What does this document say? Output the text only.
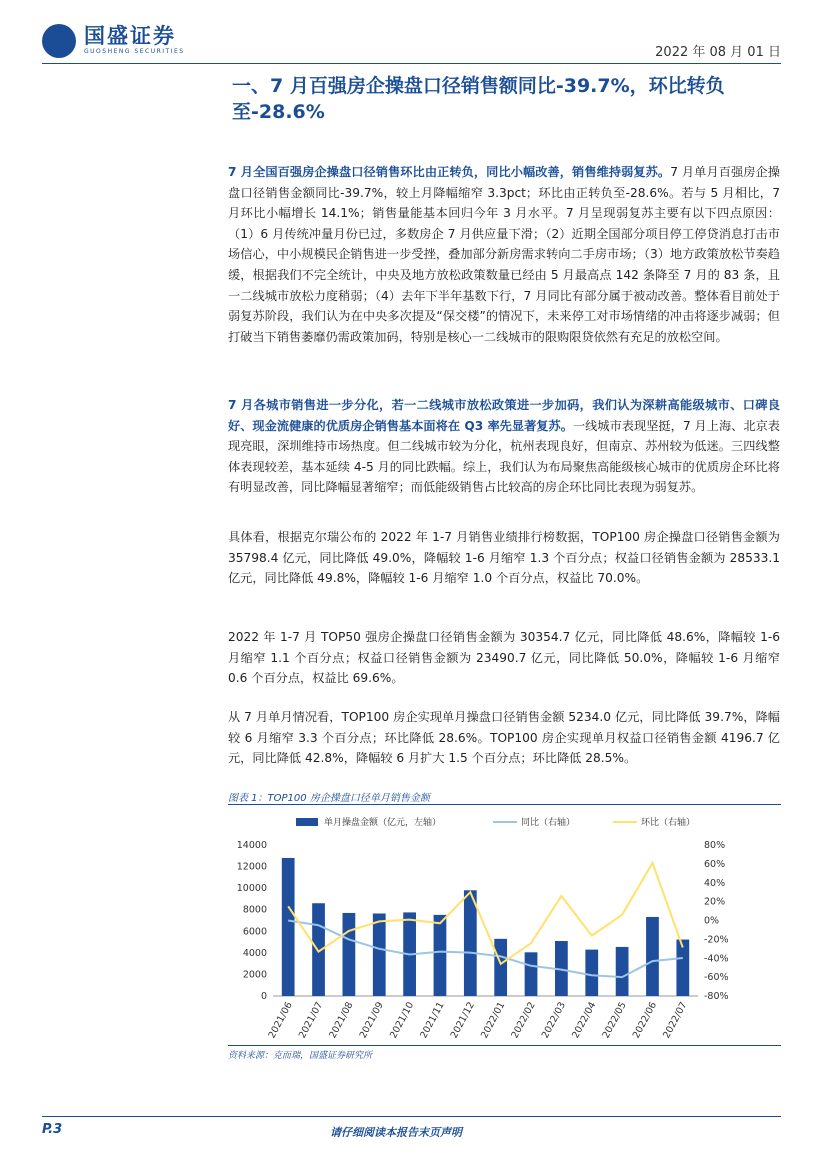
国盛证券
GUOSHENG SECURITIES	2022 年 08 月 01 日
一、7 月百强房企操盘口径销售额同比-39.7%，环比转负至-28.6%
7 月全国百强房企操盘口径销售环比由正转负，同比小幅改善，销售维持弱复苏。7 月单月百强房企操盘口径销售金额同比-39.7%，较上月降幅缩窄 3.3pct；环比由正转负至-28.6%。若与 5 月相比，7 月环比小幅增长 14.1%；销售量能基本回归今年 3 月水平。7 月呈现弱复苏主要有以下四点原因：（1）6 月传统冲量月份已过，多数房企 7 月供应量下滑；（2）近期全国部分项目停工停贷消息打击市场信心，中小规模民企销售进一步受挫，叠加部分新房需求转向二手房市场；（3）地方政策放松节奏趋缓，根据我们不完全统计，中央及地方放松政策数量已经由 5 月最高点 142 条降至 7 月的 83 条，且一二线城市放松力度稍弱；（4）去年下半年基数下行，7 月同比有部分属于被动改善。整体看目前处于弱复苏阶段，我们认为在中央多次提及“保交楼”的情况下，未来停工对市场情绪的冲击将逐步减弱；但打破当下销售萎靡仍需政策加码，特别是核心一二线城市的限购限贷依然有充足的放松空间。
7 月各城市销售进一步分化，若一二线城市放松政策进一步加码，我们认为深耕高能级城市、口碑良好、现金流健康的优质房企销售基本面将在 Q3 率先显著复苏。一线城市表现坚挺，7 月上海、北京表现亮眼，深圳维持市场热度。但二线城市较为分化，杭州表现良好，但南京、苏州较为低迷。三四线整体表现较差，基本延续 4-5 月的同比跌幅。综上，我们认为布局聚焦高能级核心城市的优质房企环比将有明显改善，同比降幅显著缩窄；而低能级销售占比较高的房企环比同比表现为弱复苏。
具体看，根据克尔瑞公布的 2022 年 1-7 月销售业绩排行榜数据，TOP100 房企操盘口径销售金额为 35798.4 亿元，同比降低 49.0%，降幅较 1-6 月缩窄 1.3 个百分点；权益口径销售金额为 28533.1 亿元，同比降低 49.8%，降幅较 1-6 月缩窄 1.0 个百分点，权益比 70.0%。
2022 年 1-7 月 TOP50 强房企操盘口径销售金额为 30354.7 亿元，同比降低 48.6%，降幅较 1-6 月缩窄 1.1 个百分点；权益口径销售金额为 23490.7 亿元，同比降低 50.0%，降幅较 1-6 月缩窄 0.6 个百分点，权益比 69.6%。
从 7 月单月情况看，TOP100 房企实现单月操盘口径销售金额 5234.0 亿元，同比降低 39.7%，降幅较 6 月缩窄 3.3 个百分点；环比降低 28.6%。TOP100 房企实现单月权益口径销售金额 4196.7 亿元，同比降低 42.8%，降幅较 6 月扩大 1.5 个百分点；环比降低 28.5%。
图表 1：TOP100 房企操盘口径单月销售金额
单月操盘金额（亿元，左轴）	同比（右轴）	环比（右轴）
0
2000
4000
6000
8000
10000
12000
14000
-80%
-60%
-40%
-20%
0%
20%
40%
60%
80%
2021/06 2021/07 2021/08 2021/09 2021/10 2021/11 2021/12 2022/01 2022/02 2022/03 2022/04 2022/05 2022/06 2022/07
资料来源：克而瑞，国盛证券研究所
P.3	请仔细阅读本报告末页声明
